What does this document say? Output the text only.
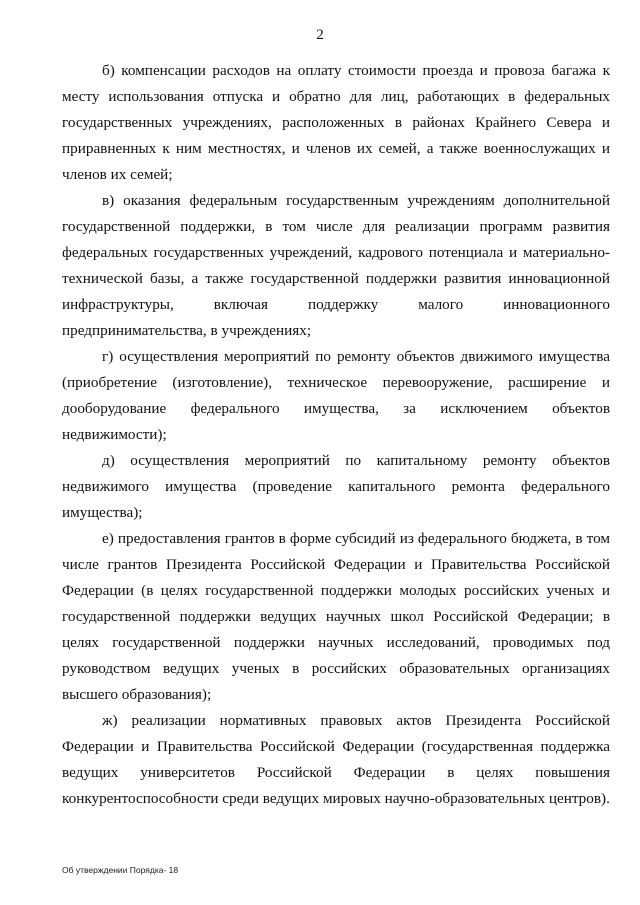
2

б) компенсации расходов на оплату стоимости проезда и провоза багажа к месту использования отпуска и обратно для лиц, работающих в федеральных государственных учреждениях, расположенных в районах Крайнего Севера и приравненных к ним местностях, и членов их семей, а также военнослужащих и членов их семей;

в) оказания федеральным государственным учреждениям дополнительной государственной поддержки, в том числе для реализации программ развития федеральных государственных учреждений, кадрового потенциала и материально-технической базы, а также государственной поддержки развития инновационной инфраструктуры, включая поддержку малого инновационного предпринимательства, в учреждениях;

г) осуществления мероприятий по ремонту объектов движимого имущества (приобретение (изготовление), техническое перевооружение, расширение и дооборудование федерального имущества, за исключением объектов недвижимости);

д) осуществления мероприятий по капитальному ремонту объектов недвижимого имущества (проведение капитального ремонта федерального имущества);

е) предоставления грантов в форме субсидий из федерального бюджета, в том числе грантов Президента Российской Федерации и Правительства Российской Федерации (в целях государственной поддержки молодых российских ученых и государственной поддержки ведущих научных школ Российской Федерации; в целях государственной поддержки научных исследований, проводимых под руководством ведущих ученых в российских образовательных организациях высшего образования);

ж) реализации нормативных правовых актов Президента Российской Федерации и Правительства Российской Федерации (государственная поддержка ведущих университетов Российской Федерации в целях повышения конкурентоспособности среди ведущих мировых научно-образовательных центров).

Об утверждении Порядка- 18
